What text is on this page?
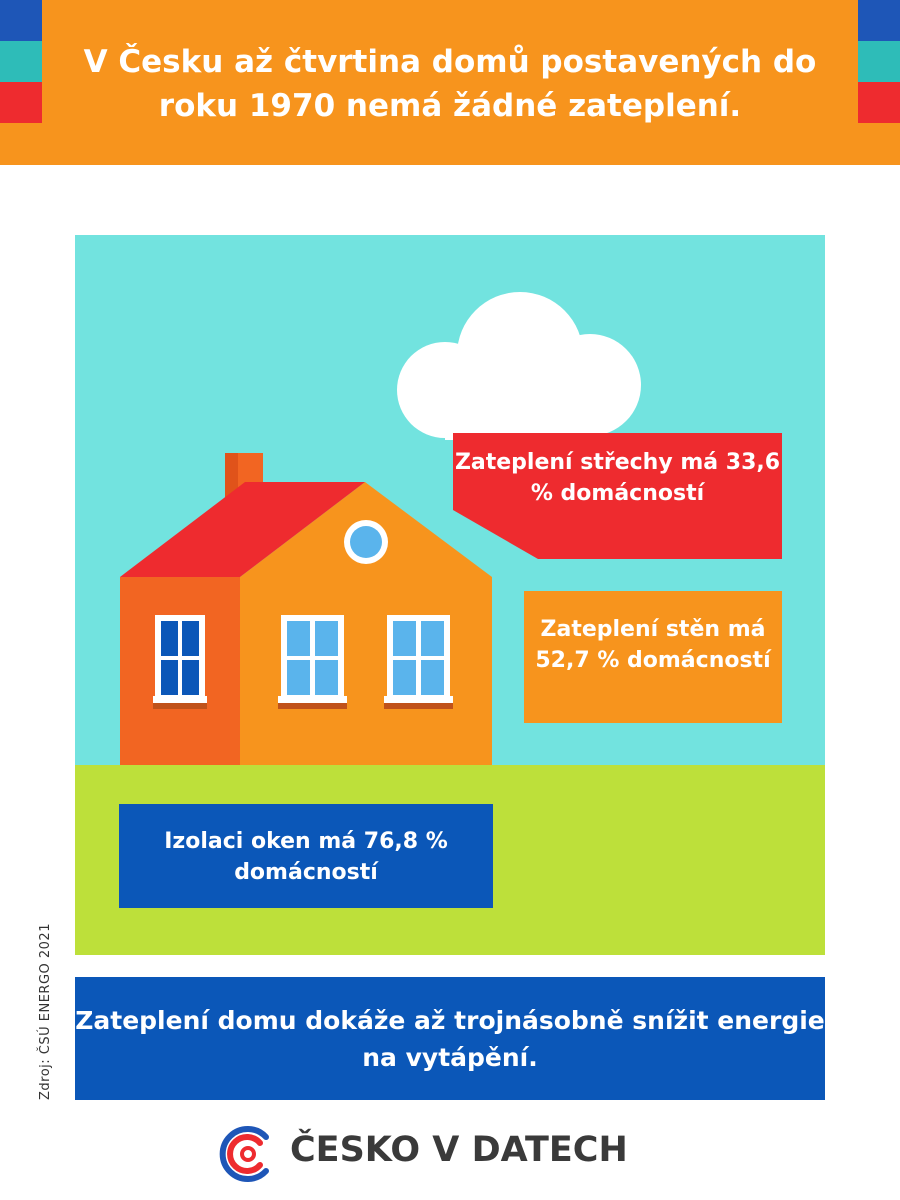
V Česku až čtvrtina domů postavených do roku 1970 nemá žádné zateplení.
Zateplení střechy má 33,6 % domácností
Zateplení stěn má 52,7 % domácností
Izolaci oken má 76,8 % domácností
Zateplení domu dokáže až trojnásobně snížit energie na vytápění.
Zdroj: ČSÚ ENERGO 2021
ČESKO V DATECH
